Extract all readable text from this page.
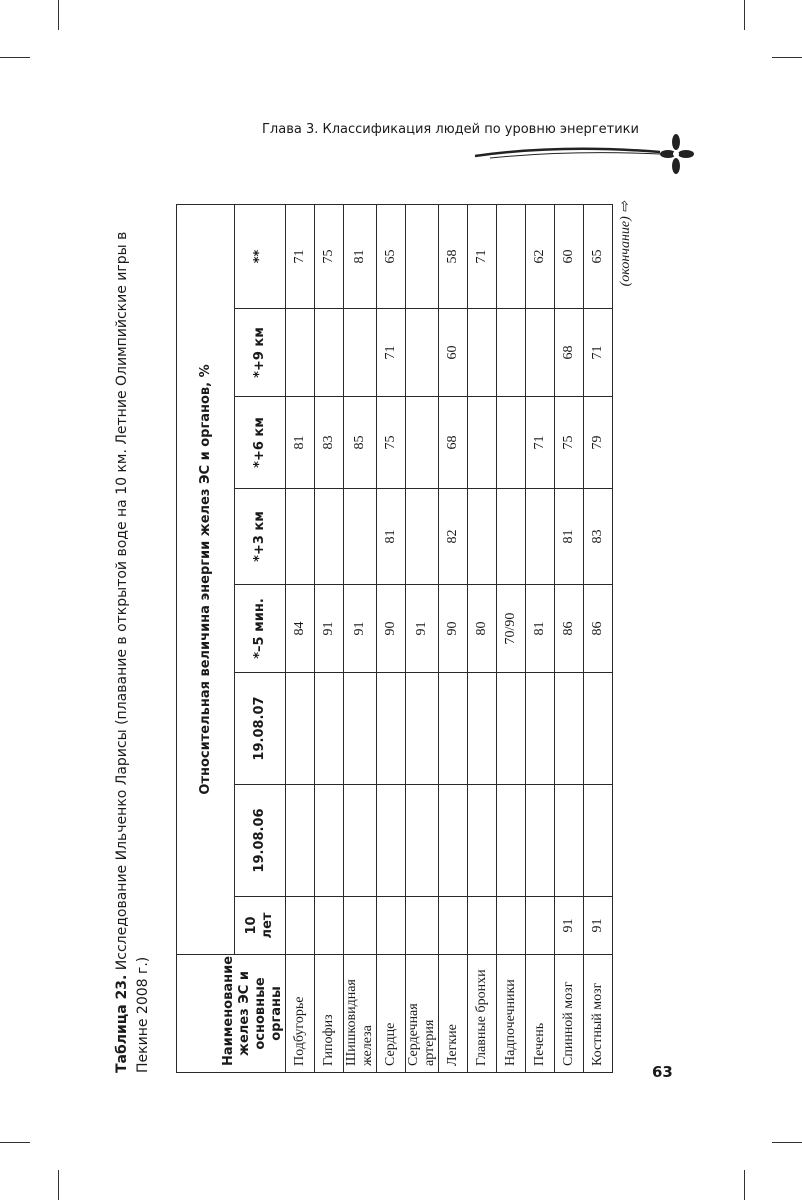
Глава 3. Классификация людей по уровню энергетики
Таблица 23. Исследование Ильченко Ларисы (плавание в открытой воде на 10 км. Летние Олимпийские игры в Пекине 2008 г.)	Наименование желез ЭС и основные органы	Относительная величина энергии желез ЭС и органов, %							
	10 лет	19.08.06	19.08.07	*–5 мин.	*+3 км	*+6 км	*+9 км	**
Подбугорье				84		81		71
Гипофиз				91		83		75
Шишковидная железа				91		85		81
Сердце				90	81	75	71	65
Сердечная артерия				91				
Легкие				90	82	68	60	58
Главные бронхи				80				71
Надпочечники				70/90				
Печень				81		71		62
Спинной мозг	91			86	81	75	68	60
Костный мозг	91			86	83	79	71	65 (окончание) ⇨
63
